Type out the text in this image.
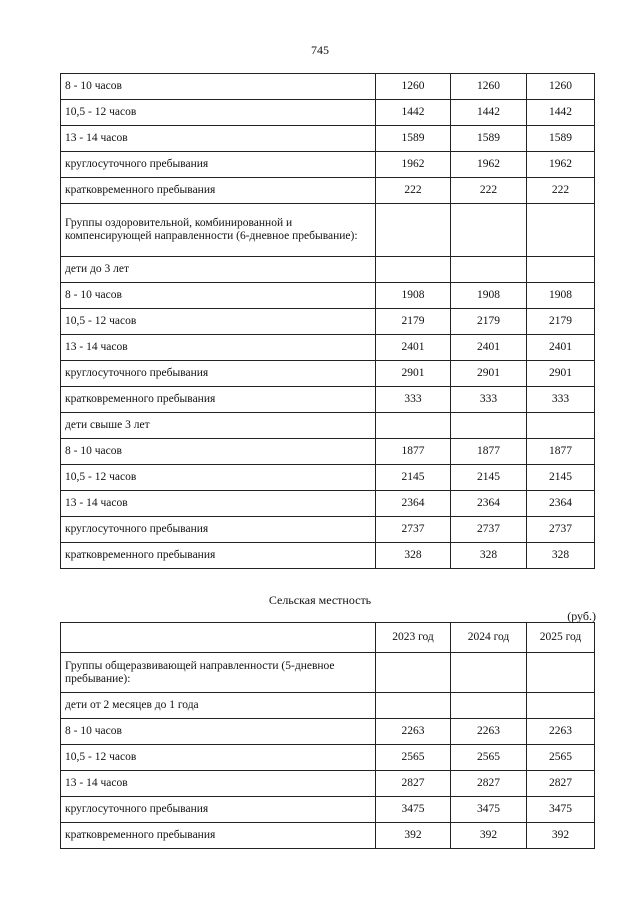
745
8 - 10 часов	1260	1260	1260
10,5 - 12 часов	1442	1442	1442
13 - 14 часов	1589	1589	1589
круглосуточного пребывания	1962	1962	1962
кратковременного пребывания	222	222	222
Группы оздоровительной, комбинированной и компенсирующей направленности (6-дневное пребывание):			
дети до 3 лет			
8 - 10 часов	1908	1908	1908
10,5 - 12 часов	2179	2179	2179
13 - 14 часов	2401	2401	2401
круглосуточного пребывания	2901	2901	2901
кратковременного пребывания	333	333	333
дети свыше 3 лет			
8 - 10 часов	1877	1877	1877
10,5 - 12 часов	2145	2145	2145
13 - 14 часов	2364	2364	2364
круглосуточного пребывания	2737	2737	2737
кратковременного пребывания	328	328	328
Сельская местность
(руб.)
	2023 год	2024 год	2025 год
Группы общеразвивающей направленности (5-дневное пребывание):			
дети от 2 месяцев до 1 года			
8 - 10 часов	2263	2263	2263
10,5 - 12 часов	2565	2565	2565
13 - 14 часов	2827	2827	2827
круглосуточного пребывания	3475	3475	3475
кратковременного пребывания	392	392	392
